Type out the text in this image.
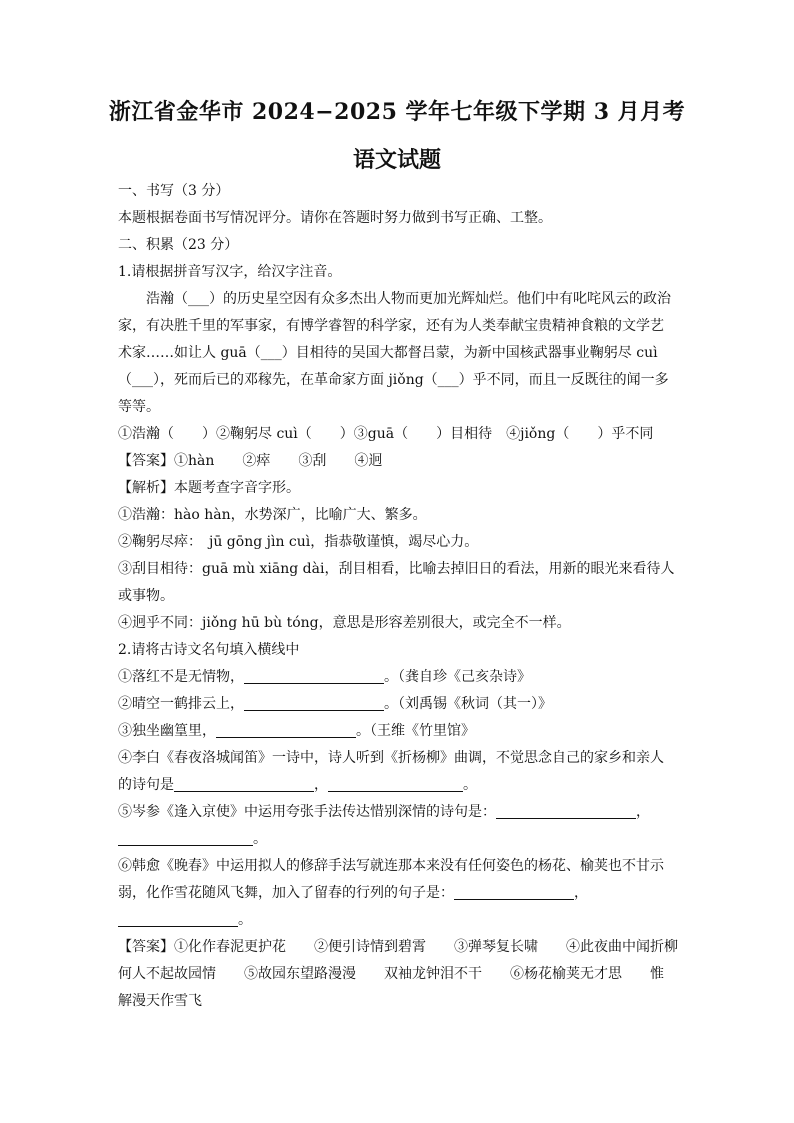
浙江省金华市 2024−2025 学年七年级下学期 3 月月考
语文试题
一、书写（3 分）
本题根据卷面书写情况评分。请你在答题时努力做到书写正确、工整。
二、积累（23 分）
1.请根据拼音写汉字，给汉字注音。
浩瀚（___）的历史星空因有众多杰出人物而更加光辉灿烂。他们中有叱咤风云的政治
家，有决胜千里的军事家，有博学睿智的科学家，还有为人类奉献宝贵精神食粮的文学艺
术家……如让人 guā（___）目相待的吴国大都督吕蒙，为新中国核武器事业鞠躬尽 cuì
（___），死而后已的邓稼先，在革命家方面 jiǒng（___）乎不同，而且一反既往的闻一多
等等。
①浩瀚（　　）②鞠躬尽 cuì（　　）③guā（　　）目相待　④jiǒng（　　）乎不同
【答案】①hàn　　②瘁　　③刮　　④迥
【解析】本题考查字音字形。
①浩瀚：hào hàn，水势深广，比喻广大、繁多。
②鞠躬尽瘁：　jū gōng jìn cuì，指恭敬谨慎，竭尽心力。
③刮目相待：guā mù xiāng dài，刮目相看，比喻去掉旧日的看法，用新的眼光来看待人
或事物。
④迥乎不同：jiǒng hū bù tóng，意思是形容差别很大，或完全不一样。
2.请将古诗文名句填入横线中
①落红不是无情物，	。（龚自珍《己亥杂诗》
②晴空一鹤排云上，	。（刘禹锡《秋词（其一）》
③独坐幽篁里，	。（王维《竹里馆》
④李白《春夜洛城闻笛》一诗中，诗人听到《折杨柳》曲调，不觉思念自己的家乡和亲人
的诗句是	，	。
⑤岑参《逢入京使》中运用夸张手法传达惜别深情的诗句是：	，
。
⑥韩愈《晚春》中运用拟人的修辞手法写就连那本来没有任何姿色的杨花、榆荚也不甘示
弱，化作雪花随风飞舞，加入了留春的行列的句子是：	，
。
【答案】①化作春泥更护花　　②便引诗情到碧霄　　③弹琴复长啸　　④此夜曲中闻折柳
何人不起故园情　　⑤故园东望路漫漫　　双袖龙钟泪不干　　⑥杨花榆荚无才思　　惟
解漫天作雪飞
